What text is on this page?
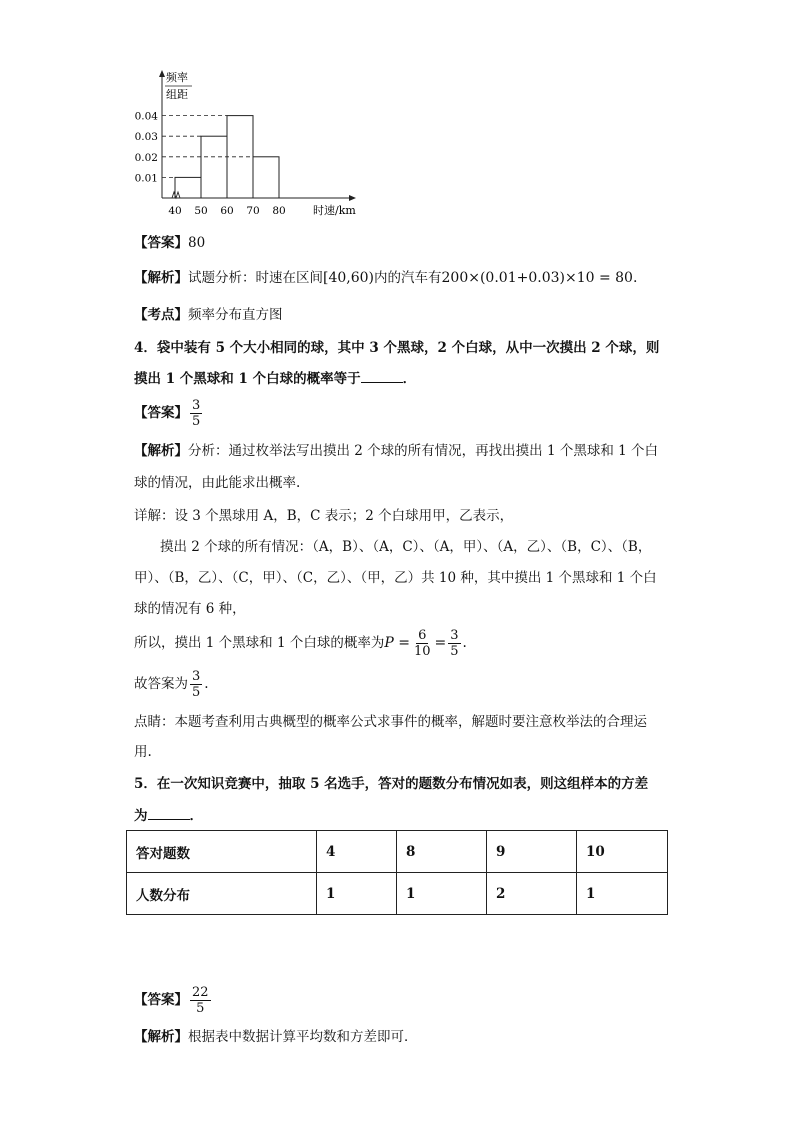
频率
组距
0.04
0.03
0.02
0.01
40 50 60 70 80 时速/km
【答案】80
【解析】试题分析：时速在区间[40,60)内的汽车有200×(0.01+0.03)×10 = 80.
【考点】频率分布直方图
4．袋中装有 5 个大小相同的球，其中 3 个黑球，2 个白球，从中一次摸出 2 个球，则
摸出 1 个黑球和 1 个白球的概率等于	．
【答案】 $\frac{3}{5}$
【解析】分析：通过枚举法写出摸出 2 个球的所有情况，再找出摸出 1 个黑球和 1 个白
球的情况，由此能求出概率.
详解：设 3 个黑球用 A，B，C 表示；2 个白球用甲，乙表示，
摸出 2 个球的所有情况：（A，B）、（A，C）、（A，甲）、（A，乙）、（B，C）、（B，
甲）、（B，乙）、（C，甲）、（C，乙）、（甲，乙）共 10 种，其中摸出 1 个黑球和 1 个白
球的情况有 6 种，
所以，摸出 1 个黑球和 1 个白球的概率为$P = \frac{6}{10} = \frac{3}{5}$ .
故答案为 $\frac{3}{5}$ .
点睛：本题考查利用古典概型的概率公式求事件的概率，解题时要注意枚举法的合理运
用.
5．在一次知识竞赛中，抽取 5 名选手，答对的题数分布情况如表，则这组样本的方差
为	．
答对题数	4	8	9	10
人数分布	1	1	2	1
【答案】 $\frac{22}{5}$
【解析】根据表中数据计算平均数和方差即可．
